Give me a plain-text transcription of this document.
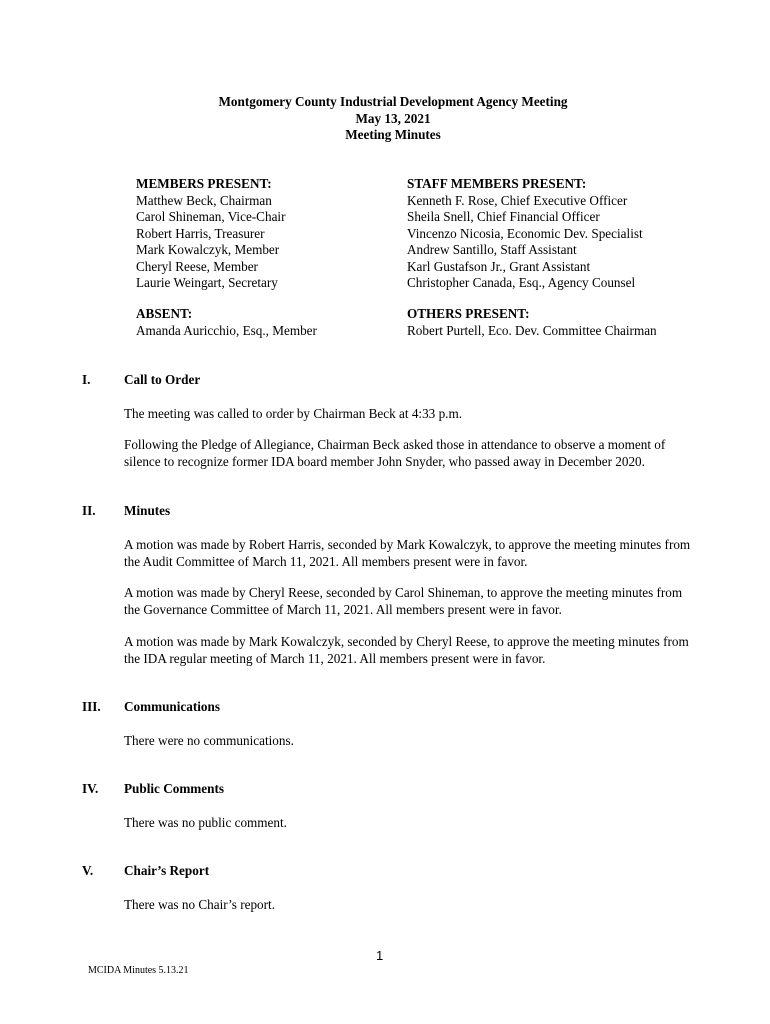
Montgomery County Industrial Development Agency Meeting
May 13, 2021
Meeting Minutes
MEMBERS PRESENT:
Matthew Beck, Chairman
Carol Shineman, Vice-Chair
Robert Harris, Treasurer
Mark Kowalczyk, Member
Cheryl Reese, Member
Laurie Weingart, Secretary
ABSENT:
Amanda Auricchio, Esq., Member
STAFF MEMBERS PRESENT:
Kenneth F. Rose, Chief Executive Officer
Sheila Snell, Chief Financial Officer
Vincenzo Nicosia, Economic Dev. Specialist
Andrew Santillo, Staff Assistant
Karl Gustafson Jr., Grant Assistant
Christopher Canada, Esq., Agency Counsel
OTHERS PRESENT:
Robert Purtell, Eco. Dev. Committee Chairman
I.	Call to Order
The meeting was called to order by Chairman Beck at 4:33 p.m.
Following the Pledge of Allegiance, Chairman Beck asked those in attendance to observe a moment of silence to recognize former IDA board member John Snyder, who passed away in December 2020.
II. Minutes
A motion was made by Robert Harris, seconded by Mark Kowalczyk, to approve the meeting minutes from the Audit Committee of March 11, 2021. All members present were in favor.
A motion was made by Cheryl Reese, seconded by Carol Shineman, to approve the meeting minutes from the Governance Committee of March 11, 2021. All members present were in favor.
A motion was made by Mark Kowalczyk, seconded by Cheryl Reese, to approve the meeting minutes from the IDA regular meeting of March 11, 2021. All members present were in favor.
III. Communications
There were no communications.
IV. Public Comments
There was no public comment.
V. Chair’s Report
There was no Chair’s report.
1
MCIDA Minutes 5.13.21
